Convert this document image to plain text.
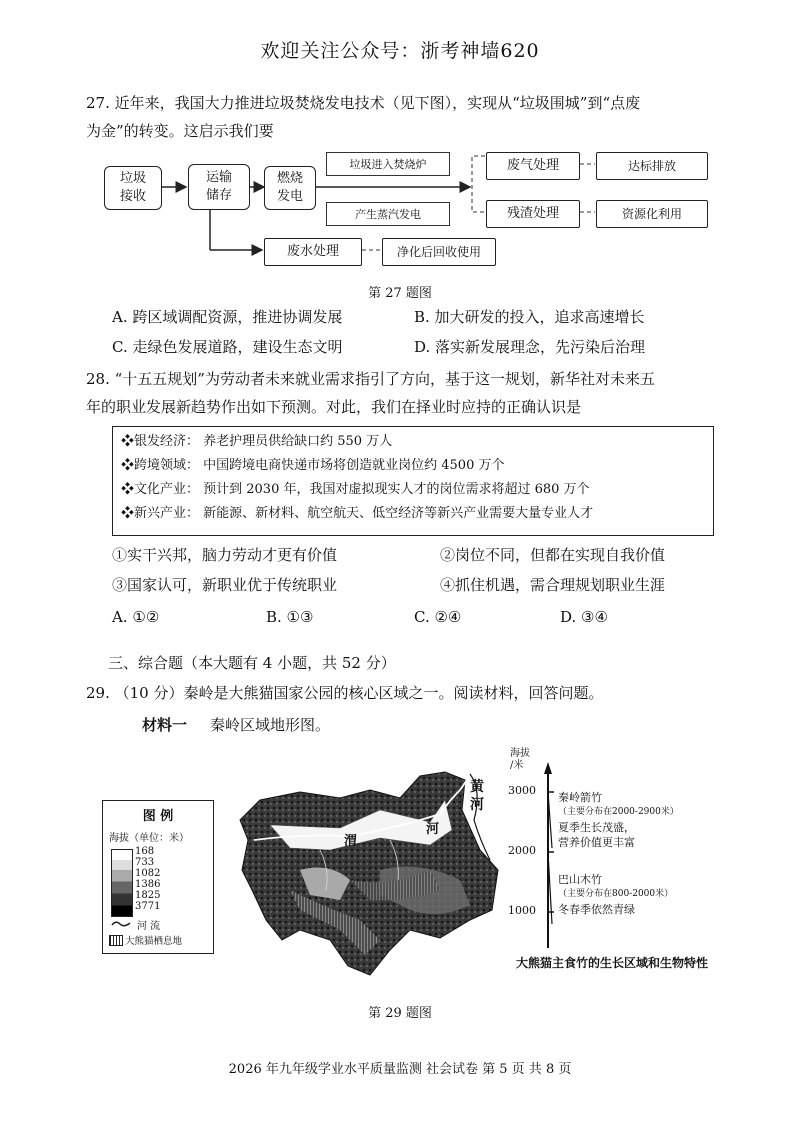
欢迎关注公众号：浙考神墙620
27. 近年来，我国大力推进垃圾焚烧发电技术（见下图），实现从“垃圾围城”到“点废
为金”的转变。这启示我们要
垃圾
接收
运输
储存
燃烧
发电
垃圾进入焚烧炉
产生蒸汽发电
废气处理
残渣处理
达标排放
资源化利用
废水处理	净化后回收使用
第 27 题图
A. 跨区域调配资源，推进协调发展	B. 加大研发的投入，追求高速增长
C. 走绿色发展道路，建设生态文明	D. 落实新发展理念，先污染后治理
28. “十五五规划”为劳动者未来就业需求指引了方向，基于这一规划，新华社对未来五
年的职业发展新趋势作出如下预测。对此，我们在择业时应持的正确认识是
❖银发经济： 养老护理员供给缺口约 550 万人
❖跨境领域： 中国跨境电商快递市场将创造就业岗位约 4500 万个
❖文化产业： 预计到 2030 年，我国对虚拟现实人才的岗位需求将超过 680 万个
❖新兴产业： 新能源、新材料、航空航天、低空经济等新兴产业需要大量专业人才
①实干兴邦，脑力劳动才更有价值	②岗位不同，但都在实现自我价值
③国家认可，新职业优于传统职业	④抓住机遇，需合理规划职业生涯
A. ①②	B. ①③	C. ②④	D. ③④
三、综合题（本大题有 4 小题，共 52 分）
29. （10 分）秦岭是大熊猫国家公园的核心区域之一。阅读材料，回答问题。
材料一 秦岭区域地形图。
图 例
海拔（单位：米）
168
733
1082
1386
1825
3771
河 流
大熊猫栖息地
黄
河
渭
河
海拔
/米
3000
2000
1000
秦岭箭竹
（主要分布在2000-2900米）
夏季生长茂盛，
营养价值更丰富
巴山木竹
（主要分布在800-2000米）
冬春季依然青绿
大熊猫主食竹的生长区域和生物特性
第 29 题图
2026 年九年级学业水平质量监测 社会试卷 第 5 页 共 8 页
